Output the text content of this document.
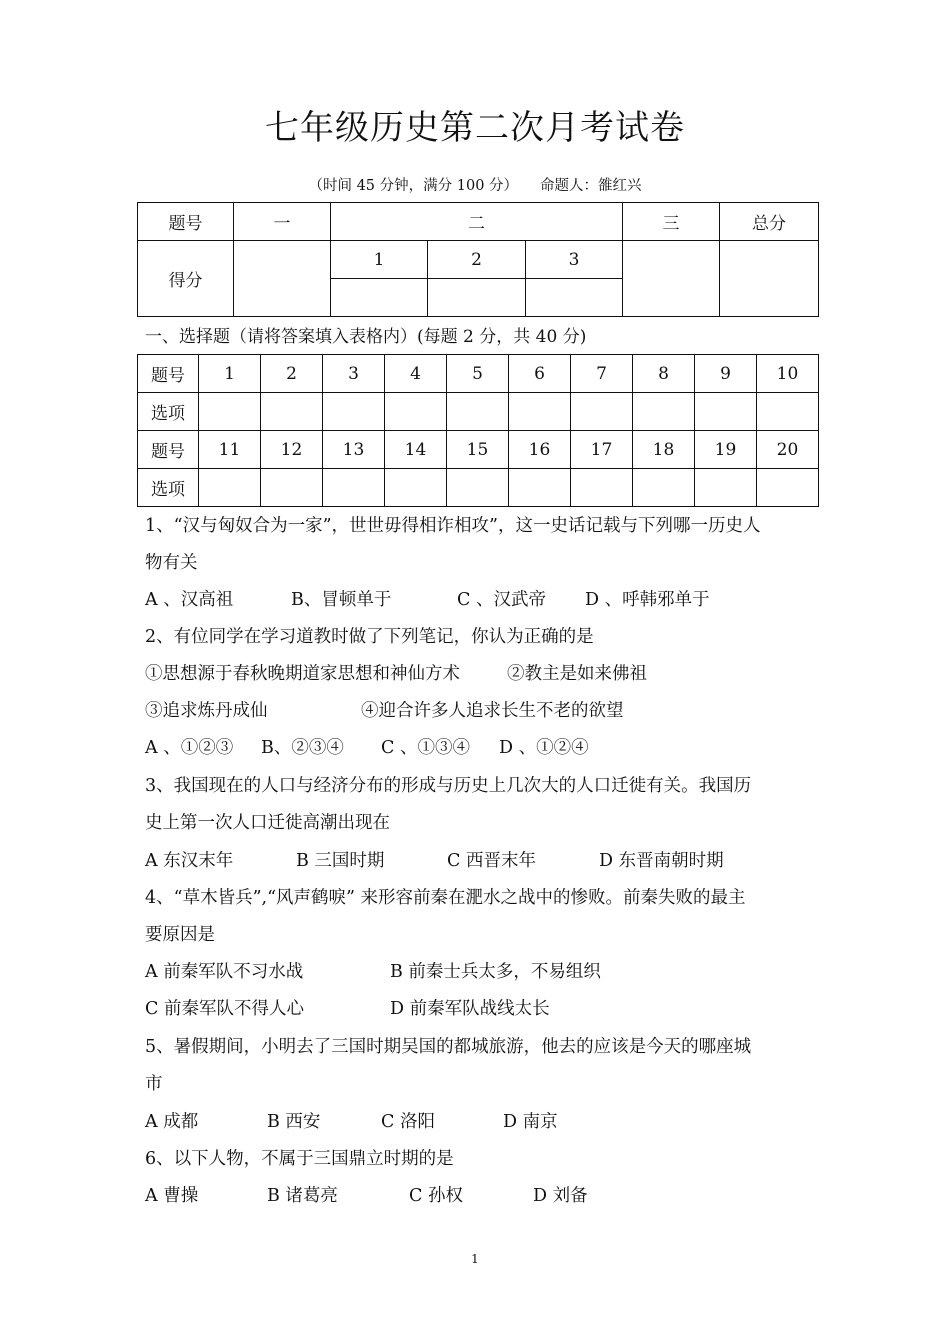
七年级历史第二次月考试卷
（时间 45 分钟，满分 100 分） 命题人：雒红兴
题号	一	二			三	总分
得分		1	2	3		

一、选择题（请将答案填入表格内）(每题 2 分，共 40 分)
题号	1	2	3	4	5	6	7	8	9	10
选项										
题号	11	12	13	14	15	16	17	18	19	20
选项										
1、“汉与匈奴合为一家”，世世毋得相诈相攻”，这一史话记载与下列哪一历史人
物有关
A 、汉高祖	B、冒顿单于	C 、汉武帝 D 、呼韩邪单于
2、有位同学在学习道教时做了下列笔记，你认为正确的是
①思想源于春秋晚期道家思想和神仙方术	②教主是如来佛祖
③追求炼丹成仙	④迎合许多人追求长生不老的欲望
A 、①②③ B、②③④ C 、①③④ D 、①②④
3、我国现在的人口与经济分布的形成与历史上几次大的人口迁徙有关。我国历
史上第一次人口迁徙高潮出现在
A 东汉末年	B 三国时期	C 西晋末年	D 东晋南朝时期
4、“草木皆兵”,“风声鹤唳” 来形容前秦在淝水之战中的惨败。前秦失败的最主
要原因是
A 前秦军队不习水战	B 前秦士兵太多，不易组织
C 前秦军队不得人心	D 前秦军队战线太长
5、暑假期间，小明去了三国时期吴国的都城旅游，他去的应该是今天的哪座城
市
A 成都	B 西安	C 洛阳	D 南京
6、以下人物，不属于三国鼎立时期的是
A 曹操	B 诸葛亮	C 孙权	D 刘备
1
